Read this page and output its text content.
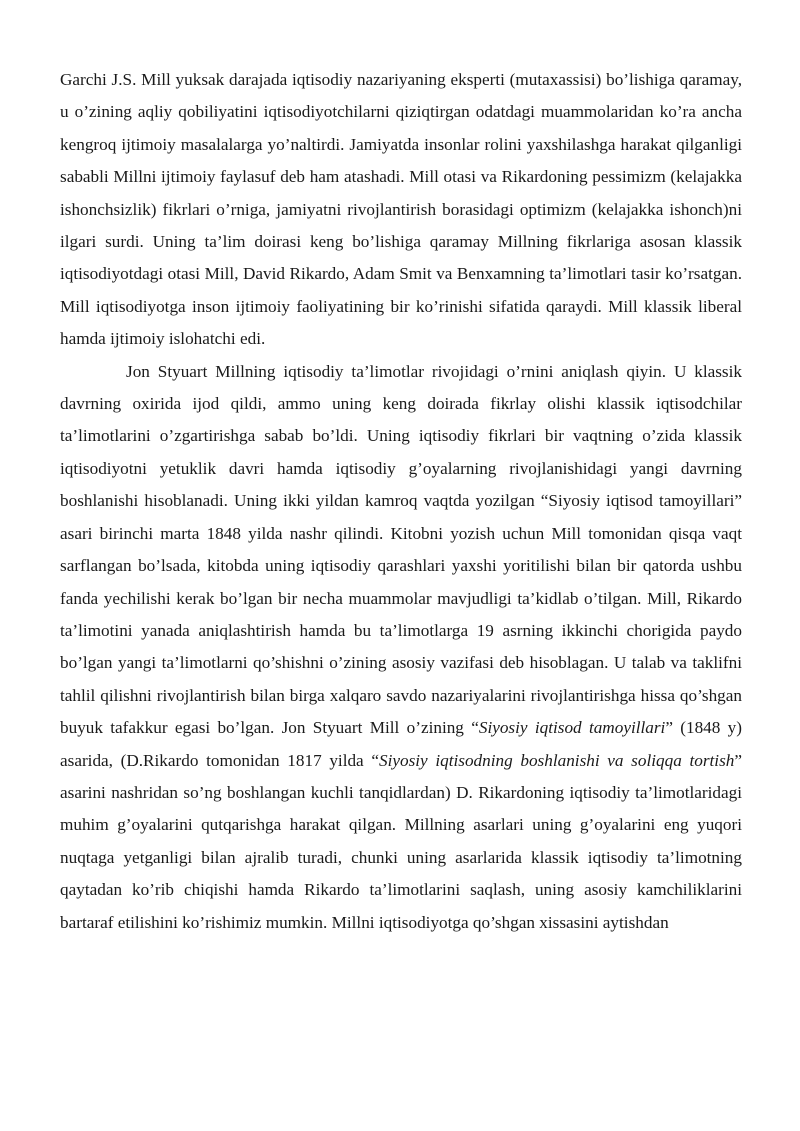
Garchi J.S. Mill yuksak darajada iqtisodiy nazariyaning eksperti (mutaxassisi) bo’lishiga qaramay, u o’zining aqliy qobiliyatini iqtisodiyotchilarni qiziqtirgan odatdagi muammolaridan ko’ra ancha kengroq ijtimoiy masalalarga yo’naltirdi. Jamiyatda insonlar rolini yaxshilashga harakat qilganligi sababli Millni ijtimoiy faylasuf deb ham atashadi. Mill otasi va Rikardoning pessimizm (kelajakka ishonchsizlik) fikrlari o’rniga, jamiyatni rivojlantirish borasidagi optimizm (kelajakka ishonch)ni ilgari surdi. Uning ta’lim doirasi keng bo’lishiga qaramay Millning fikrlariga asosan klassik iqtisodiyotdagi otasi Mill, David Rikardo, Adam Smit va Benxamning ta’limotlari tasir ko’rsatgan. Mill iqtisodiyotga inson ijtimoiy faoliyatining bir ko’rinishi sifatida qaraydi. Mill klassik liberal hamda ijtimoiy islohatchi edi.

Jon Styuart Millning iqtisodiy ta’limotlar rivojidagi o’rnini aniqlash qiyin. U klassik davrning oxirida ijod qildi, ammo uning keng doirada fikrlay olishi klassik iqtisodchilar ta’limotlarini o’zgartirishga sabab bo’ldi. Uning iqtisodiy fikrlari bir vaqtning o’zida klassik iqtisodiyotni yetuklik davri hamda iqtisodiy g’oyalarning rivojlanishidagi yangi davrning boshlanishi hisoblanadi. Uning ikki yildan kamroq vaqtda yozilgan “Siyosiy iqtisod tamoyillari” asari birinchi marta 1848 yilda nashr qilindi. Kitobni yozish uchun Mill tomonidan qisqa vaqt sarflangan bo’lsada, kitobda uning iqtisodiy qarashlari yaxshi yoritilishi bilan bir qatorda ushbu fanda yechilishi kerak bo’lgan bir necha muammolar mavjudligi ta’kidlab o’tilgan. Mill, Rikardo ta’limotini yanada aniqlashtirish hamda bu ta’limotlarga 19 asrning ikkinchi chorigida paydo bo’lgan yangi ta’limotlarni qo’shishni o’zining asosiy vazifasi deb hisoblagan. U talab va taklifni tahlil qilishni rivojlantirish bilan birga xalqaro savdo nazariyalarini rivojlantirishga hissa qo’shgan buyuk tafakkur egasi bo’lgan. Jon Styuart Mill o’zining “Siyosiy iqtisod tamoyillari” (1848 y) asarida, (D.Rikardo tomonidan 1817 yilda “Siyosiy iqtisodning boshlanishi va soliqqa tortish” asarini nashridan so’ng boshlangan kuchli tanqidlardan) D. Rikardoning iqtisodiy ta’limotlaridagi muhim g’oyalarini qutqarishga harakat qilgan. Millning asarlari uning g’oyalarini eng yuqori nuqtaga yetganligi bilan ajralib turadi, chunki uning asarlarida klassik iqtisodiy ta’limotning qaytadan ko’rib chiqishi hamda Rikardo ta’limotlarini saqlash, uning asosiy kamchiliklarini bartaraf etilishini ko’rishimiz mumkin. Millni iqtisodiyotga qo’shgan xissasini aytishdan
